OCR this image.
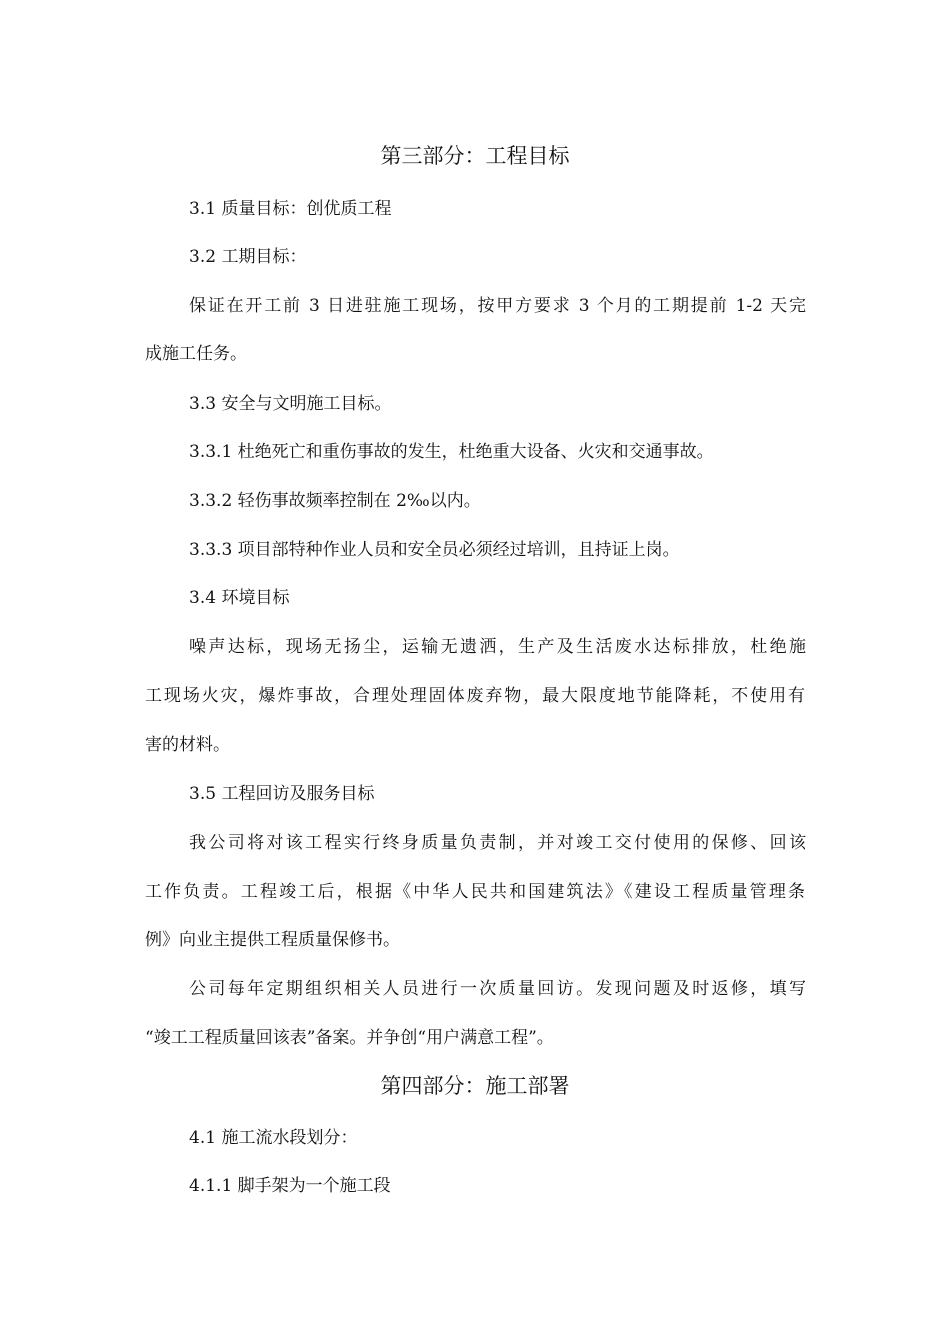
第三部分：工程目标
3.1 质量目标：创优质工程
3.2 工期目标：
保证在开工前 3 日进驻施工现场，按甲方要求 3 个月的工期提前 1-2 天完
成施工任务。
3.3 安全与文明施工目标。
3.3.1 杜绝死亡和重伤事故的发生，杜绝重大设备、火灾和交通事故。
3.3.2 轻伤事故频率控制在 2‰以内。
3.3.3 项目部特种作业人员和安全员必须经过培训，且持证上岗。
3.4 环境目标
噪声达标，现场无扬尘，运输无遗洒，生产及生活废水达标排放，杜绝施
工现场火灾，爆炸事故，合理处理固体废弃物，最大限度地节能降耗，不使用有
害的材料。
3.5 工程回访及服务目标
我公司将对该工程实行终身质量负责制，并对竣工交付使用的保修、回该
工作负责。工程竣工后，根据《中华人民共和国建筑法》《建设工程质量管理条
例》向业主提供工程质量保修书。
公司每年定期组织相关人员进行一次质量回访。发现问题及时返修，填写
“竣工工程质量回该表”备案。并争创“用户满意工程”。
第四部分：施工部署
4.1 施工流水段划分：
4.1.1 脚手架为一个施工段
